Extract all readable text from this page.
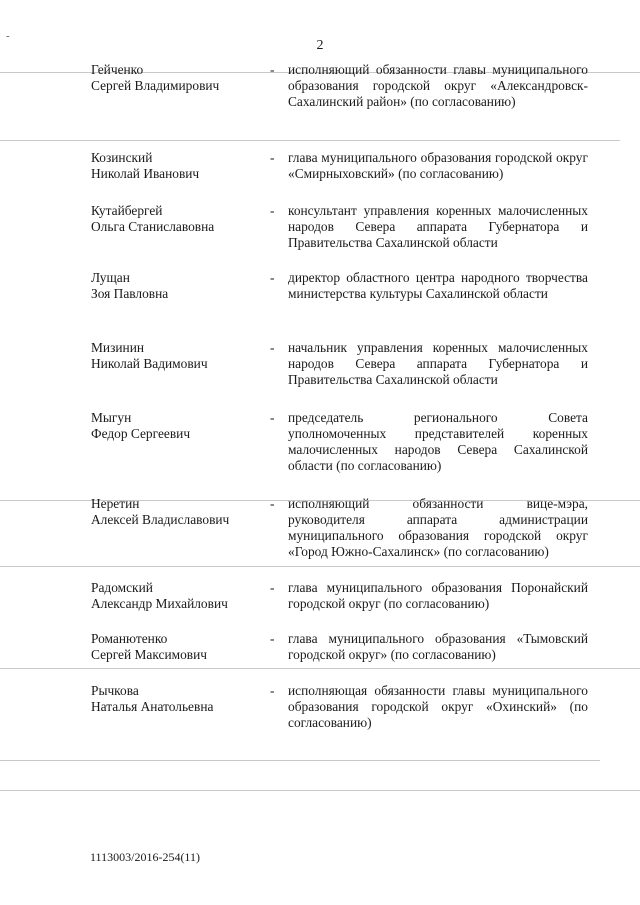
-
2
Гейченко
Сергей Владимирович
- исполняющий обязанности главы муниципального образования городской округ «Александровск-Сахалинский район» (по согласованию)
Козинский
Николай Иванович
- глава муниципального образования городской округ «Смирныховский» (по согласованию)
Кутайбергей
Ольга Станиславовна
- консультант управления коренных малочисленных народов Севера аппарата Губернатора и Правительства Сахалинской области
Лущан
Зоя Павловна
- директор областного центра народного творчества министерства культуры Сахалинской области
Мизинин
Николай Вадимович
- начальник управления коренных малочисленных народов Севера аппарата Губернатора и Правительства Сахалинской области
Мыгун
Федор Сергеевич
- председатель регионального Совета уполномоченных представителей коренных малочисленных народов Севера Сахалинской области (по согласованию)
Неретин
Алексей Владиславович
- исполняющий обязанности вице-мэра, руководителя аппарата администрации муниципального образования городской округ «Город Южно-Сахалинск» (по согласованию)
Радомский
Александр Михайлович
- глава муниципального образования Поронайский городской округ (по согласованию)
Романютенко
Сергей Максимович
- глава муниципального образования «Тымовский городской округ» (по согласованию)
Рычкова
Наталья Анатольевна
- исполняющая обязанности главы муниципального образования городской округ «Охинский» (по согласованию)
1113003/2016-254(11)
